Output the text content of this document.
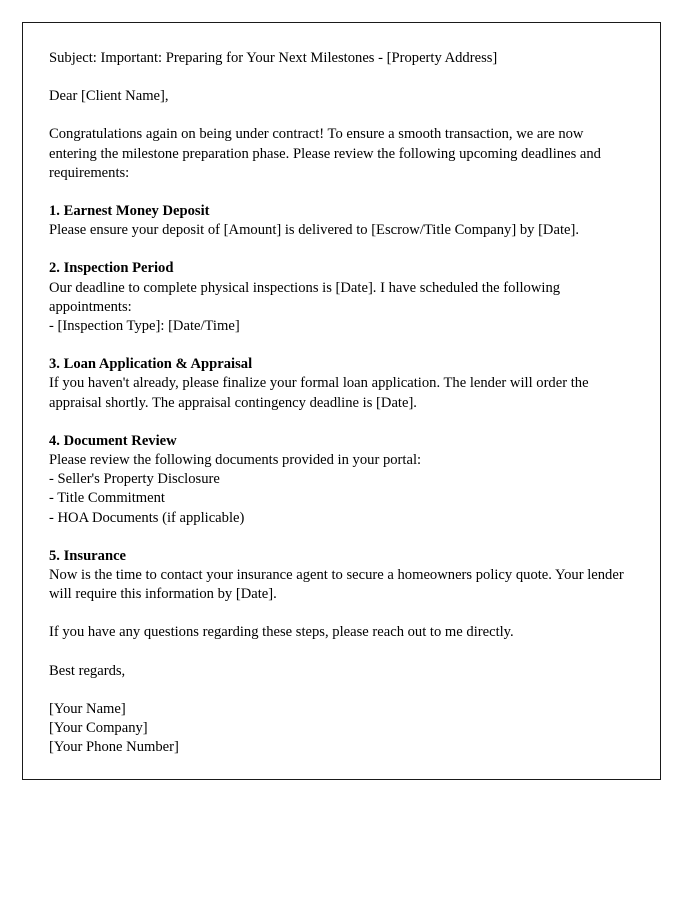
Subject: Important: Preparing for Your Next Milestones - [Property Address]

Dear [Client Name],

Congratulations again on being under contract! To ensure a smooth transaction, we are now entering the milestone preparation phase. Please review the following upcoming deadlines and requirements:

1. Earnest Money Deposit

Please ensure your deposit of [Amount] is delivered to [Escrow/Title Company] by [Date].

2. Inspection Period

Our deadline to complete physical inspections is [Date]. I have scheduled the following appointments:

- [Inspection Type]: [Date/Time]

3. Loan Application & Appraisal

If you haven't already, please finalize your formal loan application. The lender will order the appraisal shortly. The appraisal contingency deadline is [Date].

4. Document Review

Please review the following documents provided in your portal:

- Seller's Property Disclosure

- Title Commitment

- HOA Documents (if applicable)

5. Insurance

Now is the time to contact your insurance agent to secure a homeowners policy quote. Your lender will require this information by [Date].

If you have any questions regarding these steps, please reach out to me directly.

Best regards,

[Your Name]

[Your Company]

[Your Phone Number]
